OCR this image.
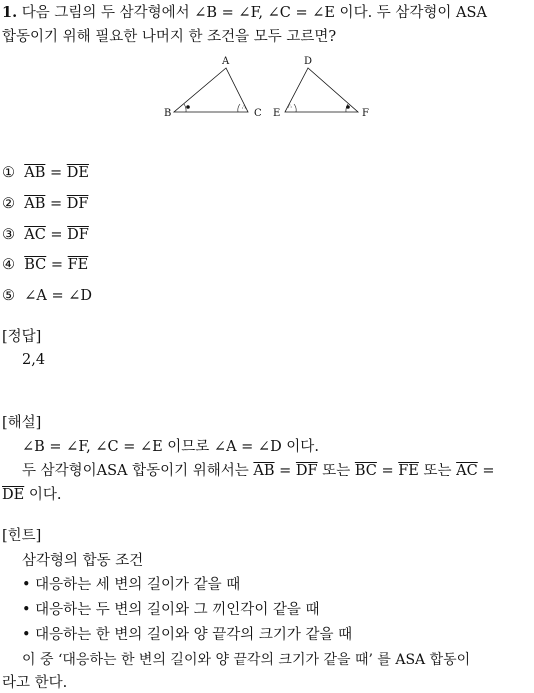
1. 다음 그림의 두 삼각형에서 ∠B = ∠F, ∠C = ∠E 이다. 두 삼각형이 ASA
합동이기 위해 필요한 나머지 한 조건을 모두 고르면?
∴
A
B	C
∴
D
E	F
① $\overline{AB} = \overline{DE}$
② $\overline{AB} = \overline{DF}$
③ $\overline{AC} = \overline{DF}$
④ $\overline{BC} = \overline{FE}$
⑤ ∠A = ∠D
[정답]
2,4
[해설]
∠B = ∠F, ∠C = ∠E 이므로 ∠A = ∠D 이다.
두 삼각형이ASA 합동이기 위해서는 $\overline{AB} = \overline{DF}$ 또는 $\overline{BC} = \overline{FE}$ 또는 $\overline{AC}$ =
$\overline{DE}$ 이다.
[힌트]
삼각형의 합동 조건
• 대응하는 세 변의 길이가 같을 때
• 대응하는 두 변의 길이와 그 끼인각이 같을 때
• 대응하는 한 변의 길이와 양 끝각의 크기가 같을 때
이 중 ‘대응하는 한 변의 길이와 양 끝각의 크기가 같을 때’ 를 ASA 합동이
라고 한다.
